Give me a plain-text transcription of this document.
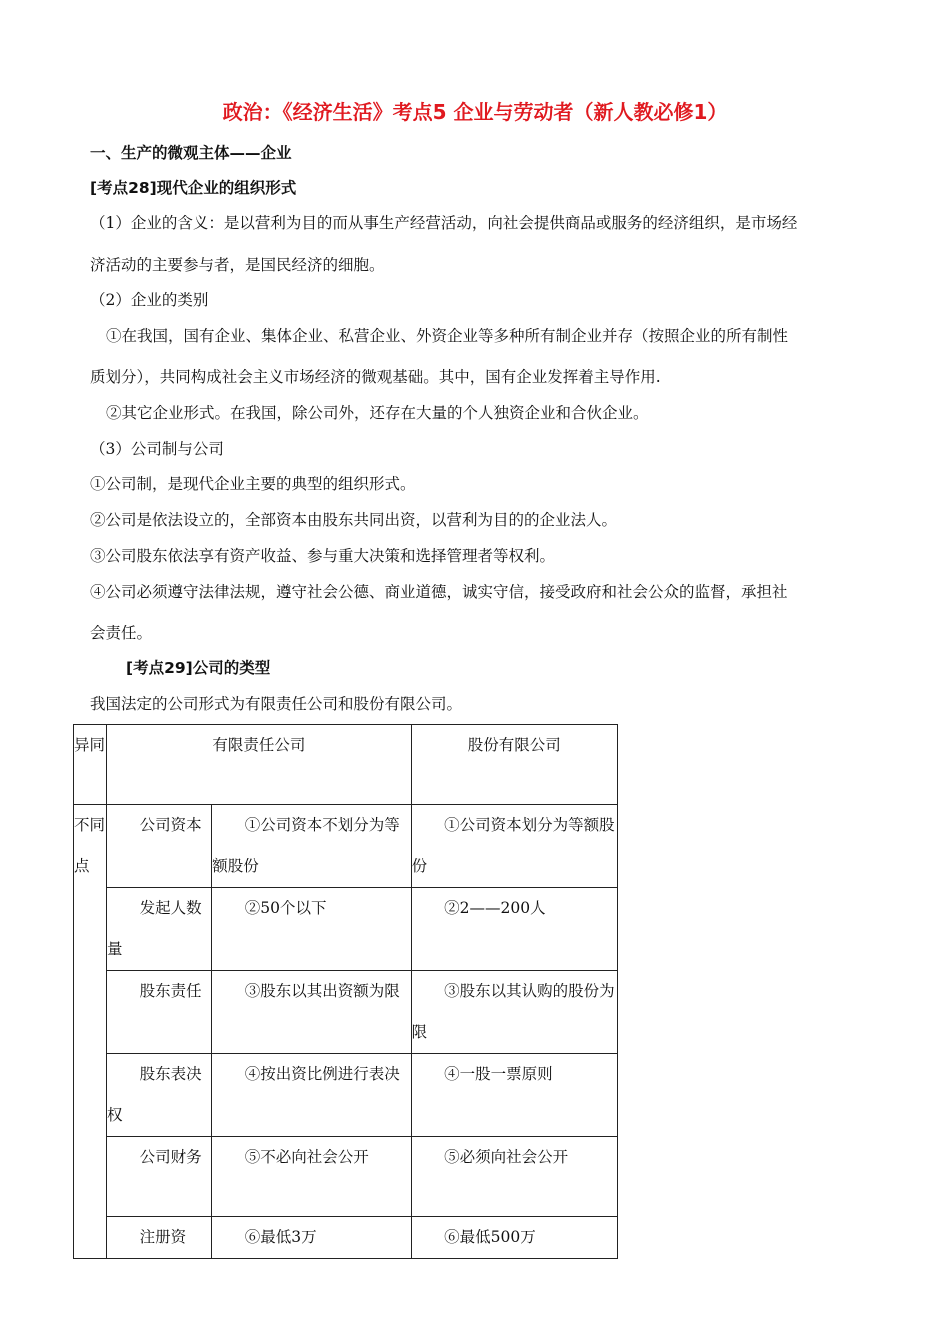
政治：《经济生活》考点5 企业与劳动者（新人教必修1）
一、生产的微观主体——企业
[考点28]现代企业的组织形式
（1）企业的含义：是以营利为目的而从事生产经营活动，向社会提供商品或服务的经济组织，是市场经
济活动的主要参与者，是国民经济的细胞。
（2）企业的类别
①在我国，国有企业、集体企业、私营企业、外资企业等多种所有制企业并存（按照企业的所有制性
质划分），共同构成社会主义市场经济的微观基础。其中，国有企业发挥着主导作用.
②其它企业形式。在我国，除公司外，还存在大量的个人独资企业和合伙企业。
（3）公司制与公司
①公司制，是现代企业主要的典型的组织形式。
②公司是依法设立的，全部资本由股东共同出资，以营利为目的的企业法人。
③公司股东依法享有资产收益、参与重大决策和选择管理者等权利。
④公司必须遵守法律法规，遵守社会公德、商业道德，诚实守信，接受政府和社会公众的监督，承担社
会责任。
[考点29]公司的类型
我国法定的公司形式为有限责任公司和股份有限公司。
异同	有限责任公司		股份有限公司
不同点	公司资本	①公司资本不划分为等额股份	①公司资本划分为等额股份
	发起人数量	②50个以下	②2——200人
	股东责任	③股东以其出资额为限	③股东以其认购的股份为限
	股东表决权	④按出资比例进行表决	④一股一票原则
	公司财务	⑤不必向社会公开	⑤必须向社会公开
	注册资	⑥最低3万	⑥最低500万
